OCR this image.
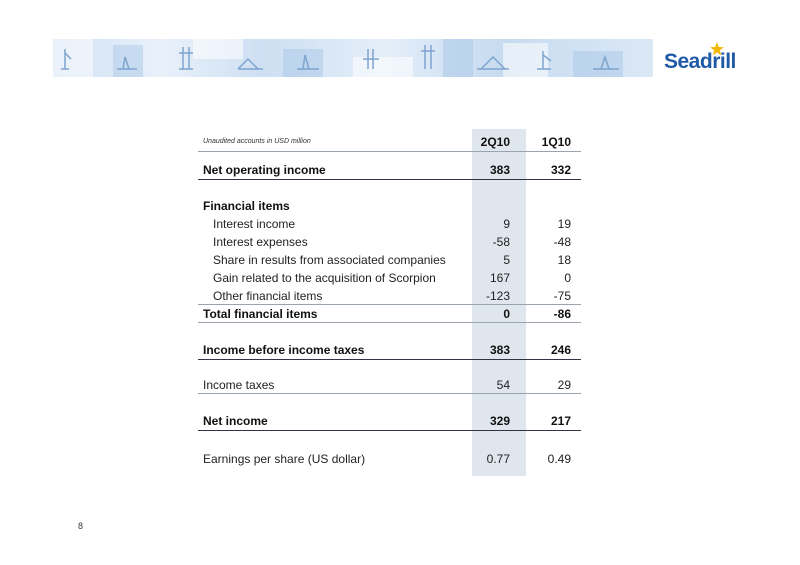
Seadrill
Unaudited accounts in USD million	2Q10	1Q10
Net operating income	383	332
Financial items
Interest income	9	19
Interest expenses	-58	-48
Share in results from associated companies	5	18
Gain related to the acquisition of Scorpion	167	0
Other financial items	-123	-75
Total financial items	0	-86
Income before income taxes	383	246
Income taxes	54	29
Net income	329	217
Earnings per share (US dollar)	0.77	0.49
8
